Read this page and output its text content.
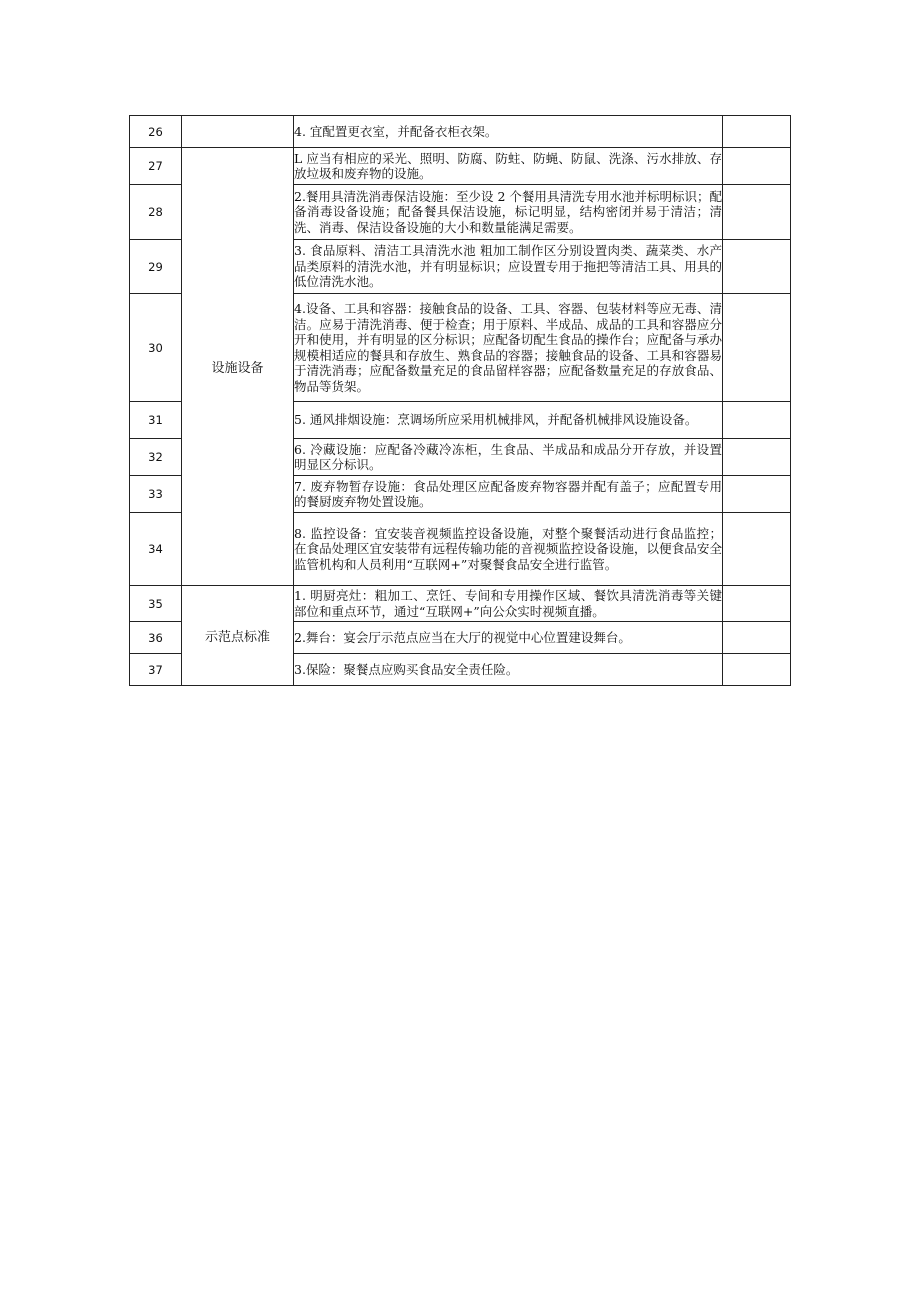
26		4. 宜配置更衣室，并配备衣柜衣架。	
27	设施设备	L 应当有相应的采光、照明、防腐、防蛀、防蝇、防鼠、洗涤、污水排放、存放垃圾和废弃物的设施。	
28		2.餐用具清洗消毒保洁设施：至少设 2 个餐用具清洗专用水池并标明标识；配备消毒设备设施；配备餐具保洁设施，标记明显，结构密闭并易于清洁；清洗、消毒、保洁设备设施的大小和数量能满足需要。	
29		3. 食品原料、清洁工具清洗水池 粗加工制作区分别设置肉类、蔬菜类、水产品类原料的清洗水池，并有明显标识；应设置专用于拖把等清洁工具、用具的低位清洗水池。	
30		4.设备、工具和容器：接触食品的设备、工具、容器、包装材料等应无毒、清洁。应易于清洗消毒、便于检查；用于原料、半成品、成品的工具和容器应分开和使用，并有明显的区分标识；应配备切配生食品的操作台；应配备与承办规模相适应的餐具和存放生、熟食品的容器；接触食品的设备、工具和容器易于清洗消毒；应配备数量充足的食品留样容器；应配备数量充足的存放食品、物品等货架。	
31		5. 通风排烟设施：烹调场所应采用机械排风，并配备机械排风设施设备。	
32		6. 冷藏设施：应配备冷藏冷冻柜，生食品、半成品和成品分开存放，并设置明显区分标识。	
33		7. 废弃物暂存设施：食品处理区应配备废弃物容器并配有盖子；应配置专用的餐厨废弃物处置设施。	
34		8. 监控设备：宜安装音视频监控设备设施，对整个聚餐活动进行食品监控；在食品处理区宜安装带有远程传输功能的音视频监控设备设施，以便食品安全监管机构和人员利用“互联网+”对聚餐食品安全进行监管。	
35	示范点标准	1. 明厨亮灶：粗加工、烹饪、专间和专用操作区域、餐饮具清洗消毒等关键部位和重点环节，通过“互联网+”向公众实时视频直播。	
36		2.舞台：宴会厅示范点应当在大厅的视觉中心位置建设舞台。	
37		3.保险：聚餐点应购买食品安全责任险。	
